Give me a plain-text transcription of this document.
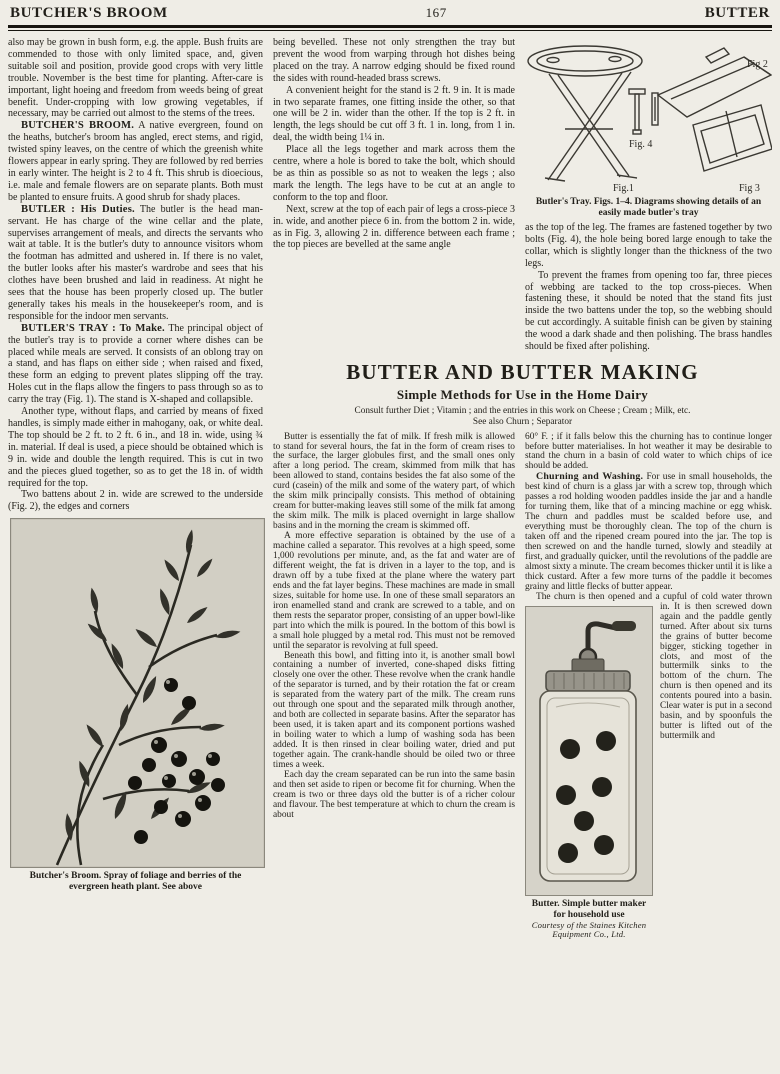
BUTCHER'S BROOM	167	BUTTER

also may be grown in bush form, e.g. the apple. Bush fruits are commended to those with only limited space, and, given suitable soil and position, provide good crops with very little trouble. November is the best time for planting. After-care is important, light hoeing and freedom from weeds being of great benefit. Under-cropping with low growing vegetables, if necessary, may be carried out almost to the stems of the trees.

BUTCHER'S BROOM. A native evergreen, found on the heaths, butcher's broom has angled, erect stems, and rigid, twisted spiny leaves, on the centre of which the greenish white flowers appear in early spring. They are followed by red berries in early winter. The height is 2 to 4 ft. This shrub is dioecious, i.e. male and female flowers are on separate plants. Both must be planted to ensure fruits. A good shrub for shady places.

BUTLER : His Duties. The butler is the head man-servant. He has charge of the wine cellar and the plate, supervises arrangement of meals, and directs the servants who wait at table. It is the butler's duty to announce visitors whom the footman has admitted and ushered in. If there is no valet, the butler looks after his master's wardrobe and sees that his clothes have been brushed and laid in readiness. At night he sees that the house has been properly closed up. The butler generally takes his meals in the housekeeper's room, and is responsible for the indoor men servants.

BUTLER'S TRAY : To Make. The principal object of the butler's tray is to provide a corner where dishes can be placed while meals are served. It consists of an oblong tray on a stand, and has flaps on either side ; when raised and fixed, these form an edging to prevent plates slipping off the tray. Holes cut in the flaps allow the fingers to pass through so as to carry the tray (Fig. 1). The stand is X-shaped and collapsible.

Another type, without flaps, and carried by means of fixed handles, is simply made either in mahogany, oak, or white deal. The top should be 2 ft. to 2 ft. 6 in., and 18 in. wide, using ¾ in. material. If deal is used, a piece should be obtained which is 9 in. wide and double the length required. This is cut in two and the pieces glued together, so as to get the 18 in. of width required for the top.

Two battens about 2 in. wide are screwed to the underside (Fig. 2), the edges and corners

Butcher's Broom. Spray of foliage and berries of the evergreen heath plant. See above

being bevelled. These not only strengthen the tray but prevent the wood from warping through hot dishes being placed on the tray. A narrow edging should be fixed round the sides with round-headed brass screws.

A convenient height for the stand is 2 ft. 9 in. It is made in two separate frames, one fitting inside the other, so that one will be 2 in. wider than the other. If the top is 2 ft. in length, the legs should be cut off 3 ft. 1 in. long, from 1 in. deal, the width being 1¼ in.

Place all the legs together and mark across them the centre, where a hole is bored to take the bolt, which should be as thin as possible so as not to weaken the legs ; also mark the length. The legs have to be cut at an angle to conform to the top and floor.

Next, screw at the top of each pair of legs a cross-piece 3 in. wide, and another piece 6 in. from the bottom 2 in. wide, as in Fig. 3, allowing 2 in. difference between each frame ; the top pieces are bevelled at the same angle

Fig.1
Fig 2
Fig 3
Fig. 4
Butler's Tray. Figs. 1–4. Diagrams showing details of an easily made butler's tray

as the top of the leg. The frames are fastened together by two bolts (Fig. 4), the hole being bored large enough to take the collar, which is slightly longer than the thickness of the two legs.

To prevent the frames from opening too far, three pieces of webbing are tacked to the top cross-pieces. When fastening these, it should be noted that the stand fits just inside the two battens under the top, so the webbing should be cut accordingly. A suitable finish can be given by staining the wood a dark shade and then polishing. The brass handles should be fixed after polishing.

BUTTER AND BUTTER MAKING
Simple Methods for Use in the Home Dairy
Consult further Diet ; Vitamin ; and the entries in this work on Cheese ; Cream ; Milk, etc.
See also Churn ; Separator

Butter is essentially the fat of milk. If fresh milk is allowed to stand for several hours, the fat in the form of cream rises to the surface, the larger globules first, and the small ones only after a long period. The cream, skimmed from milk that has been allowed to stand, contains besides the fat also some of the curd (casein) of the milk and some of the watery part, of which the skim milk principally consists. This method of obtaining cream for butter-making leaves still some of the milk fat among the skim milk. The milk is placed overnight in large shallow basins and in the morning the cream is skimmed off.

A more effective separation is obtained by the use of a machine called a separator. This revolves at a high speed, some 1,000 revolutions per minute, and, as the fat and water are of different weight, the fat is driven in a layer to the top, and is drawn off by a tube fixed at the plane where the watery part ends and the fat layer begins. These machines are made in small sizes, suitable for home use. In one of these small separators an iron enamelled stand and crank are screwed to a table, and on them rests the separator proper, consisting of an upper bowl-like part into which the milk is poured. In the bottom of this bowl is a small hole plugged by a metal rod. This must not be removed until the separator is revolving at full speed.

Beneath this bowl, and fitting into it, is another small bowl containing a number of inverted, cone-shaped disks fitting closely one over the other. These revolve when the crank handle of the separator is turned, and by their rotation the fat or cream is separated from the watery part of the milk. The cream runs out through one spout and the separated milk through another, and both are collected in separate basins. After the separator has been used, it is taken apart and its component portions washed in boiling water to which a lump of washing soda has been added. It is then rinsed in clear boiling water, dried and put together again. The crank-handle should be oiled two or three times a week.

Each day the cream separated can be run into the same basin and then set aside to ripen or become fit for churning. When the cream is two or three days old the butter is of a richer colour and flavour. The best temperature at which to churn the cream is about

60° F. ; if it falls below this the churning has to continue longer before butter materialises. In hot weather it may be desirable to stand the churn in a basin of cold water to which chips of ice should be added.

Churning and Washing. For use in small households, the best kind of churn is a glass jar with a screw top, through which passes a rod holding wooden paddles inside the jar and a handle for turning them, like that of a mincing machine or egg whisk. The churn and paddles must be scalded before use, and everything must be thoroughly clean. The top of the churn is taken off and the ripened cream poured into the jar. The top is then screwed on and the handle turned, slowly and steadily at first, and gradually quicker, until the revolutions of the paddle are almost sixty a minute. The cream becomes thicker until it is like a thick custard. After a few more turns of the paddle it becomes grainy and little flecks of butter appear.

The churn is then opened and a cupful of
Butter. Simple butter maker for household use
Courtesy of the Staines Kitchen Equipment Co., Ltd.
cold water thrown in. It is then screwed down again and the paddle gently turned. After about six turns the grains of butter become bigger, sticking together in clots, and most of the buttermilk sinks to the bottom of the churn. The churn is then opened and its contents poured into a basin. Clear water is put in a second basin, and by spoonfuls the butter is lifted out of the buttermilk and
